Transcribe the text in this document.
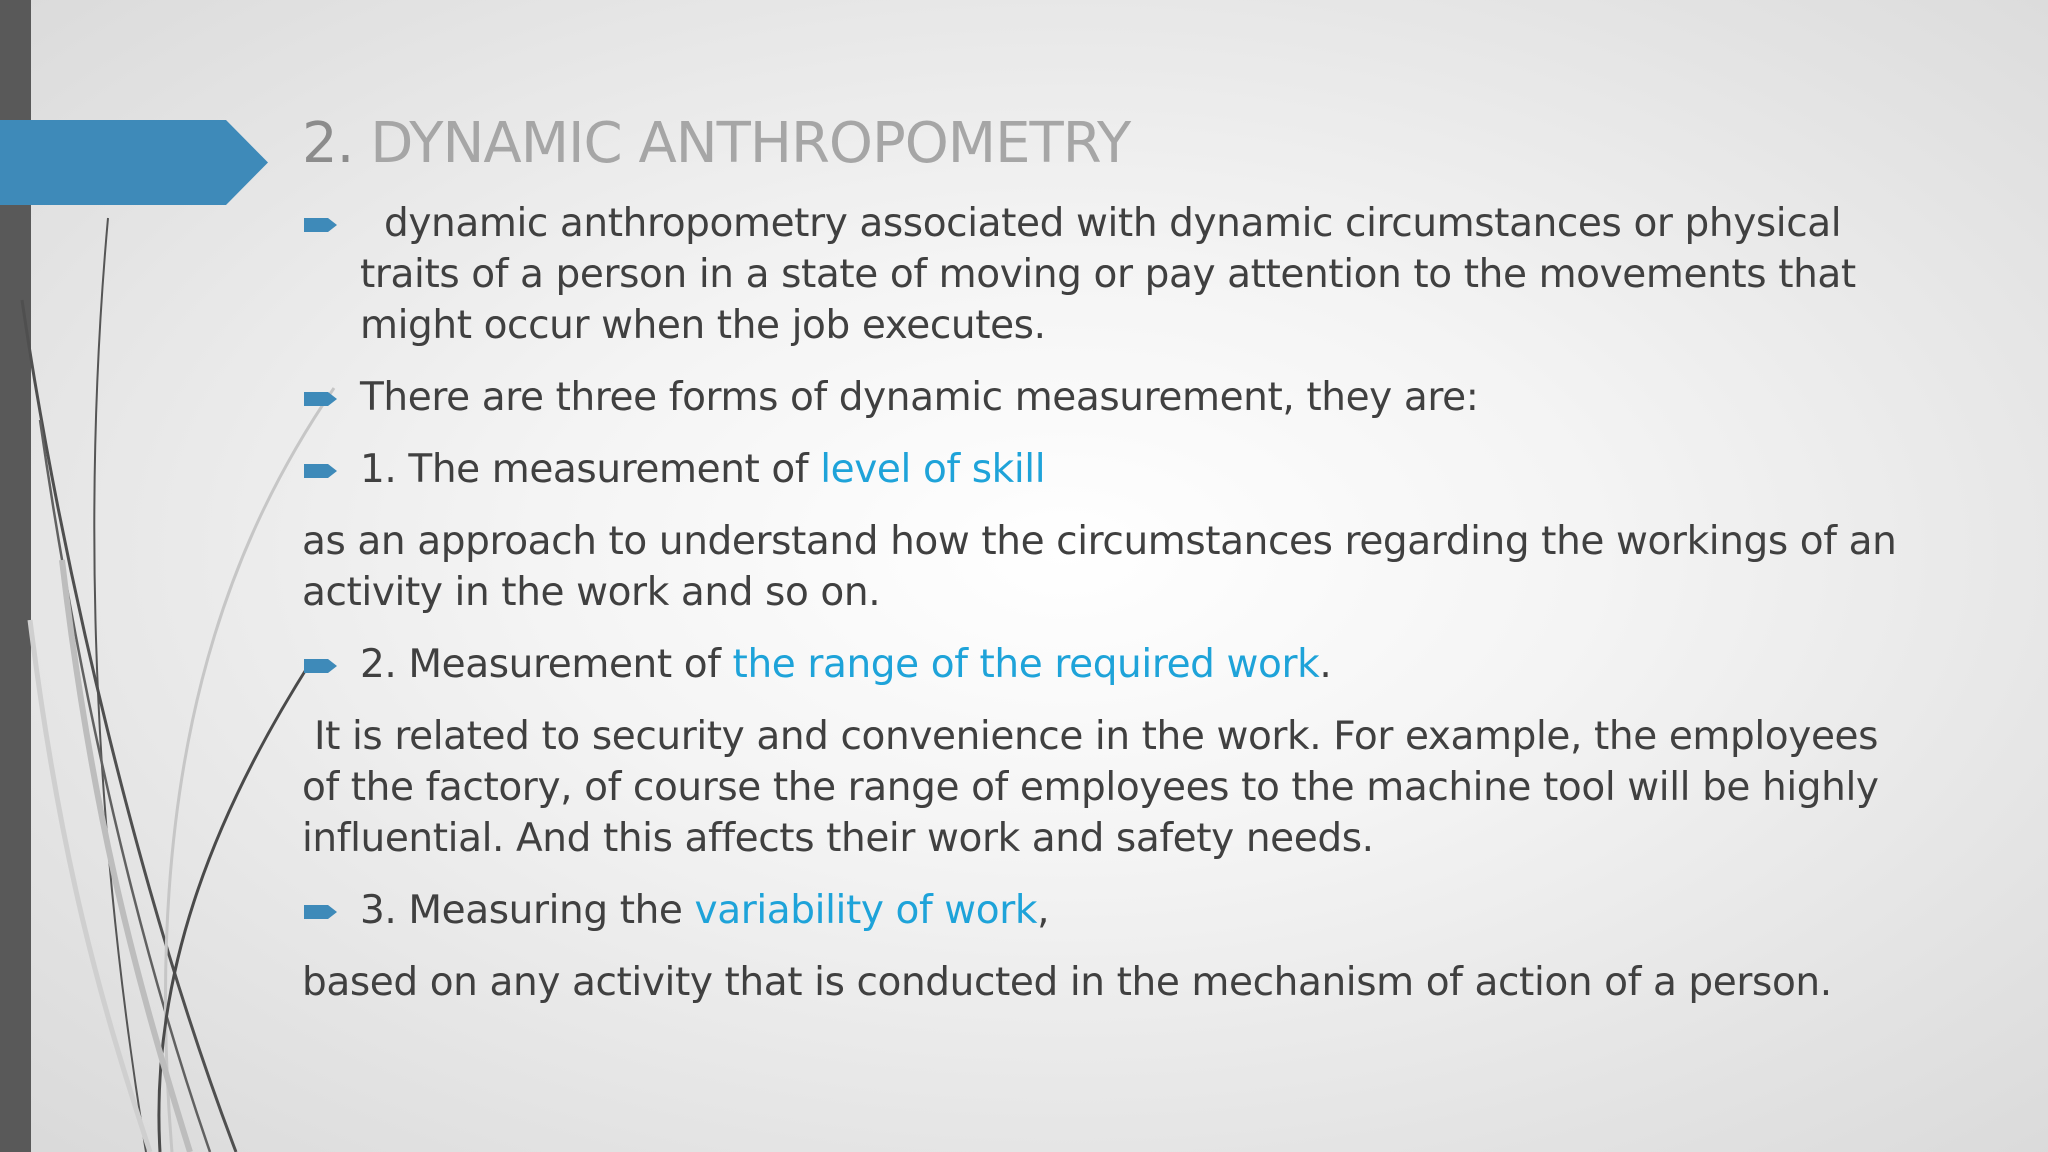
2. DYNAMIC ANTHROPOMETRY
dynamic anthropometry associated with dynamic circumstances or physical traits of a person in a state of moving or pay attention to the movements that might occur when the job executes.
There are three forms of dynamic measurement, they are:
1. The measurement of level of skill

as an approach to understand how the circumstances regarding the workings of an activity in the work and so on.

2. Measurement of the range of the required work.

It is related to security and convenience in the work. For example, the employees of the factory, of course the range of employees to the machine tool will be highly influential. And this affects their work and safety needs.

3. Measuring the variability of work,

based on any activity that is conducted in the mechanism of action of a person.
